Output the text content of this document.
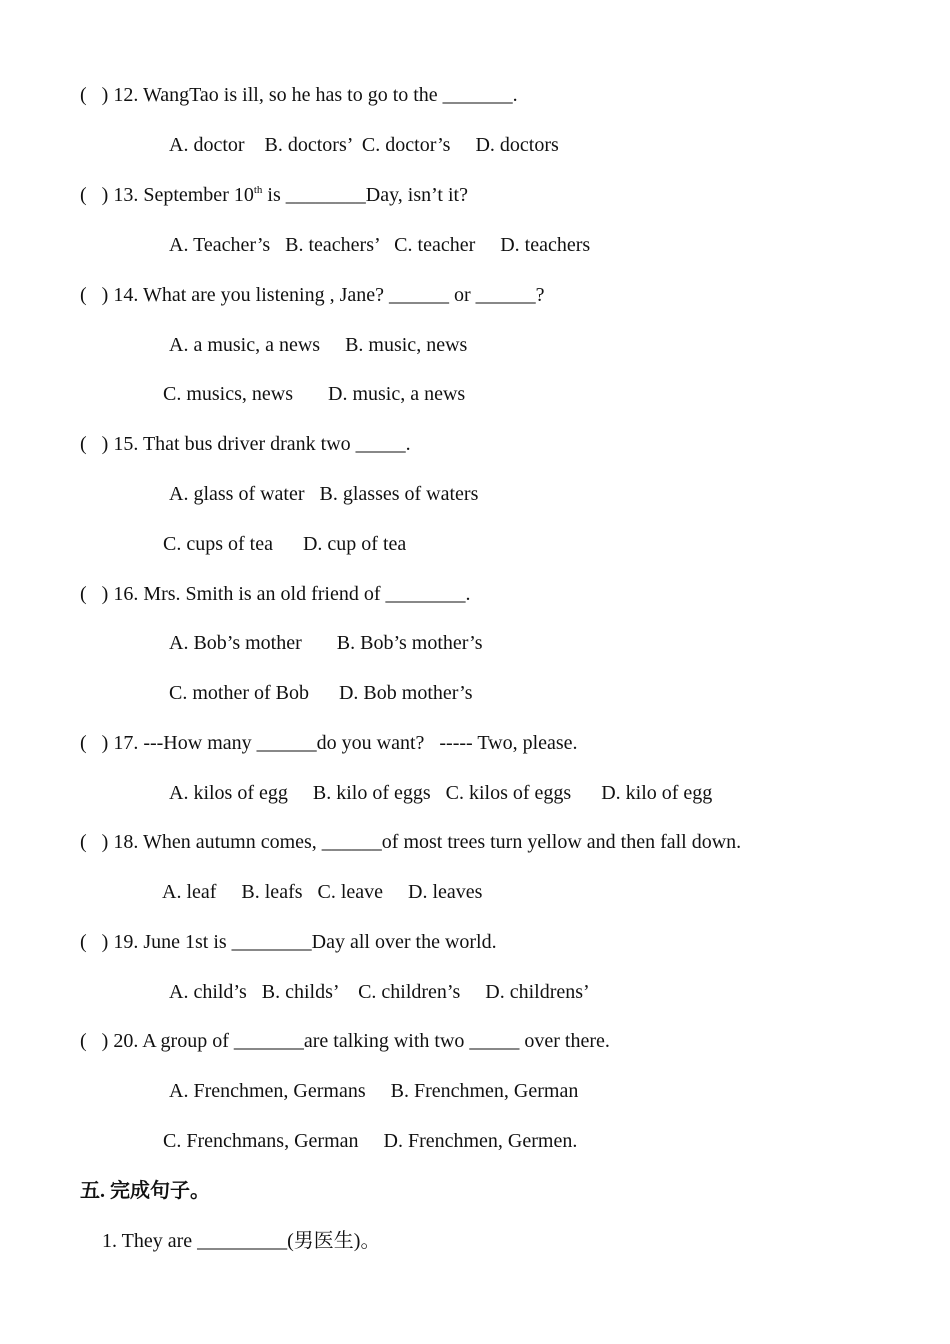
(   ) 12. WangTao is ill, so he has to go to the _______.
A. doctor    B. doctors’  C. doctor’s     D. doctors
(   ) 13. September 10th is ________Day, isn’t it?
A. Teacher’s   B. teachers’   C. teacher     D. teachers
(   ) 14. What are you listening , Jane? ______ or ______?
A. a music, a news     B. music, news
C. musics, news       D. music, a news
(   ) 15. That bus driver drank two _____.
A. glass of water   B. glasses of waters
C. cups of tea      D. cup of tea
(   ) 16. Mrs. Smith is an old friend of ________.
A. Bob’s mother       B. Bob’s mother’s
C. mother of Bob      D. Bob mother’s
(   ) 17. ---How many ______do you want?   ----- Two, please.
A. kilos of egg     B. kilo of eggs   C. kilos of eggs      D. kilo of egg
(   ) 18. When autumn comes, ______of most trees turn yellow and then fall down.
A. leaf     B. leafs   C. leave     D. leaves
(   ) 19. June 1st is ________Day all over the world.
A. child’s   B. childs’    C. children’s     D. childrens’
(   ) 20. A group of _______are talking with two _____ over there.
A. Frenchmen, Germans     B. Frenchmen, German
C. Frenchmans, German     D. Frenchmen, Germen.
五. 完成句子。
1. They are _________(男医生)。
